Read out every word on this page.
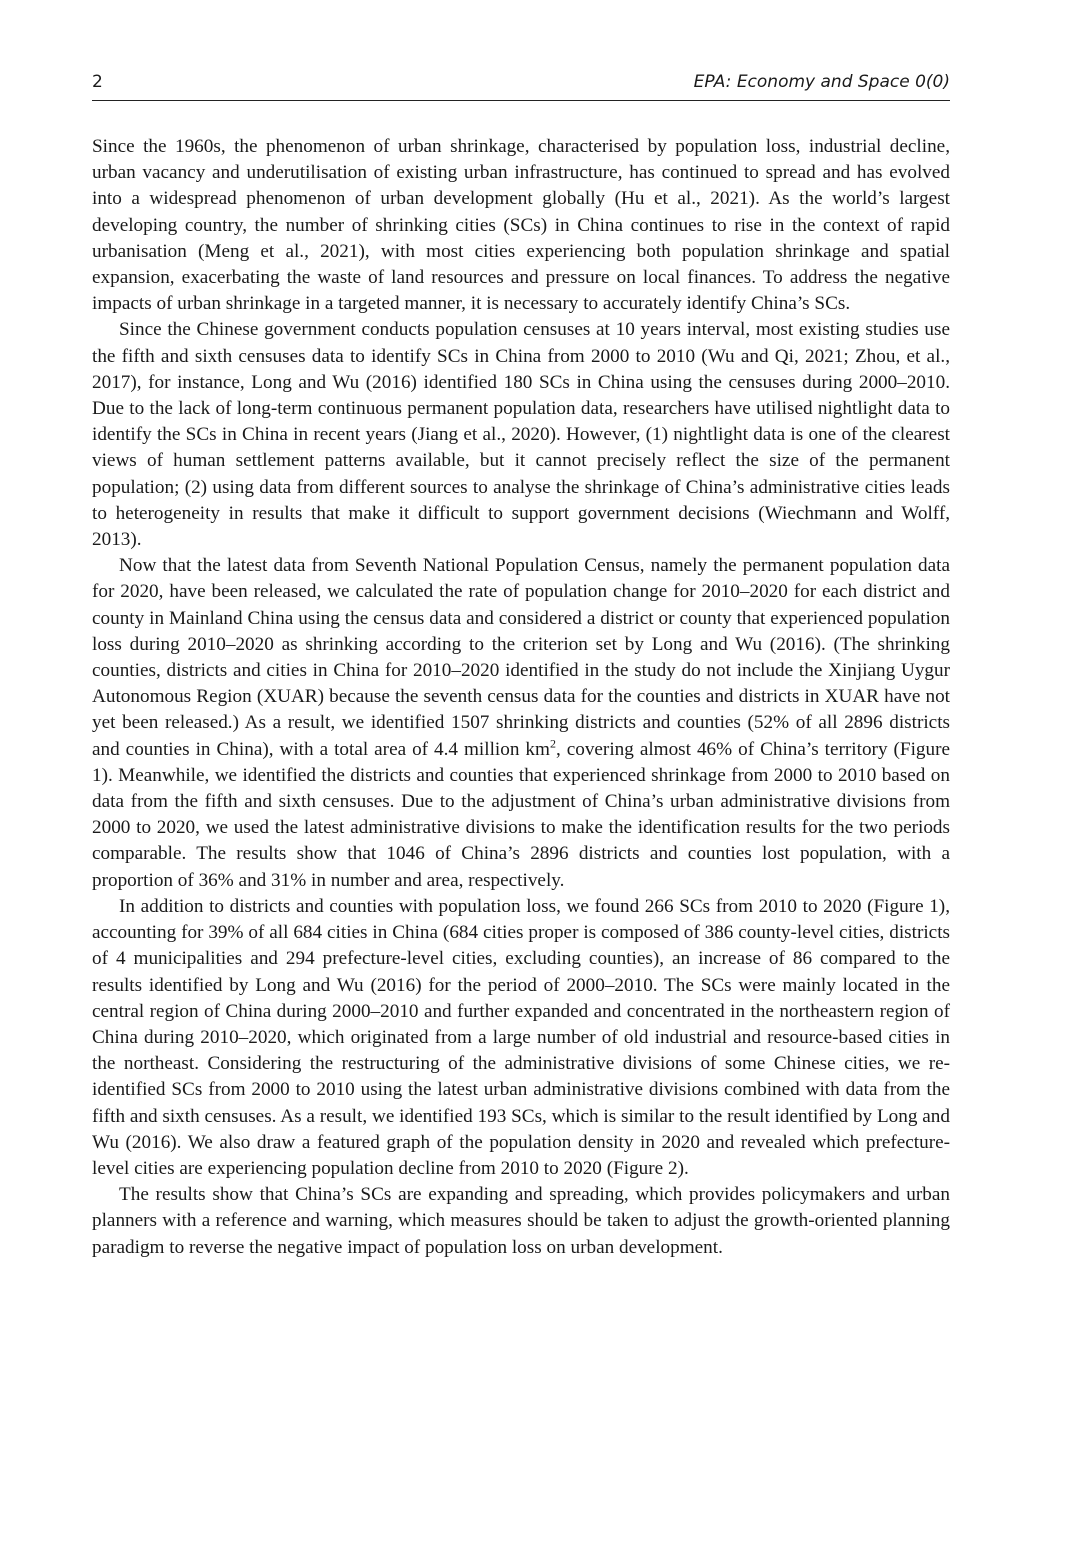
2	EPA: Economy and Space 0(0)

Since the 1960s, the phenomenon of urban shrinkage, characterised by population loss, industrial decline, urban vacancy and underutilisation of existing urban infrastructure, has continued to spread and has evolved into a widespread phenomenon of urban development globally (Hu et al., 2021). As the world’s largest developing country, the number of shrinking cities (SCs) in China continues to rise in the context of rapid urbanisation (Meng et al., 2021), with most cities experiencing both population shrinkage and spatial expansion, exacerbating the waste of land resources and pressure on local finances. To address the negative impacts of urban shrinkage in a targeted manner, it is necessary to accurately identify China’s SCs.

Since the Chinese government conducts population censuses at 10 years interval, most existing studies use the fifth and sixth censuses data to identify SCs in China from 2000 to 2010 (Wu and Qi, 2021; Zhou, et al., 2017), for instance, Long and Wu (2016) identified 180 SCs in China using the censuses during 2000–2010. Due to the lack of long-term continuous permanent population data, researchers have utilised nightlight data to identify the SCs in China in recent years (Jiang et al., 2020). However, (1) nightlight data is one of the clearest views of human settlement patterns available, but it cannot precisely reflect the size of the permanent population; (2) using data from different sources to analyse the shrinkage of China’s administrative cities leads to heterogeneity in results that make it difficult to support government decisions (Wiechmann and Wolff, 2013).

Now that the latest data from Seventh National Population Census, namely the permanent population data for 2020, have been released, we calculated the rate of population change for 2010–2020 for each district and county in Mainland China using the census data and considered a district or county that experienced population loss during 2010–2020 as shrinking according to the criterion set by Long and Wu (2016). (The shrinking counties, districts and cities in China for 2010–2020 identified in the study do not include the Xinjiang Uygur Autonomous Region (XUAR) because the seventh census data for the counties and districts in XUAR have not yet been released.) As a result, we identified 1507 shrinking districts and counties (52% of all 2896 districts and counties in China), with a total area of 4.4 million $km^2$, covering almost 46% of China’s territory (Figure 1). Meanwhile, we identified the districts and counties that experienced shrinkage from 2000 to 2010 based on data from the fifth and sixth censuses. Due to the adjustment of China’s urban administrative divisions from 2000 to 2020, we used the latest administrative divisions to make the identification results for the two periods comparable. The results show that 1046 of China’s 2896 districts and counties lost population, with a proportion of 36% and 31% in number and area, respectively.

In addition to districts and counties with population loss, we found 266 SCs from 2010 to 2020 (Figure 1), accounting for 39% of all 684 cities in China (684 cities proper is composed of 386 county-level cities, districts of 4 municipalities and 294 prefecture-level cities, excluding counties), an increase of 86 compared to the results identified by Long and Wu (2016) for the period of 2000–2010. The SCs were mainly located in the central region of China during 2000–2010 and further expanded and concentrated in the northeastern region of China during 2010–2020, which originated from a large number of old industrial and resource-based cities in the northeast. Considering the restructuring of the administrative divisions of some Chinese cities, we re-identified SCs from 2000 to 2010 using the latest urban administrative divisions combined with data from the fifth and sixth censuses. As a result, we identified 193 SCs, which is similar to the result identified by Long and Wu (2016). We also draw a featured graph of the population density in 2020 and revealed which prefecture-level cities are experiencing population decline from 2010 to 2020 (Figure 2).

The results show that China’s SCs are expanding and spreading, which provides policymakers and urban planners with a reference and warning, which measures should be taken to adjust the growth-oriented planning paradigm to reverse the negative impact of population loss on urban development.
